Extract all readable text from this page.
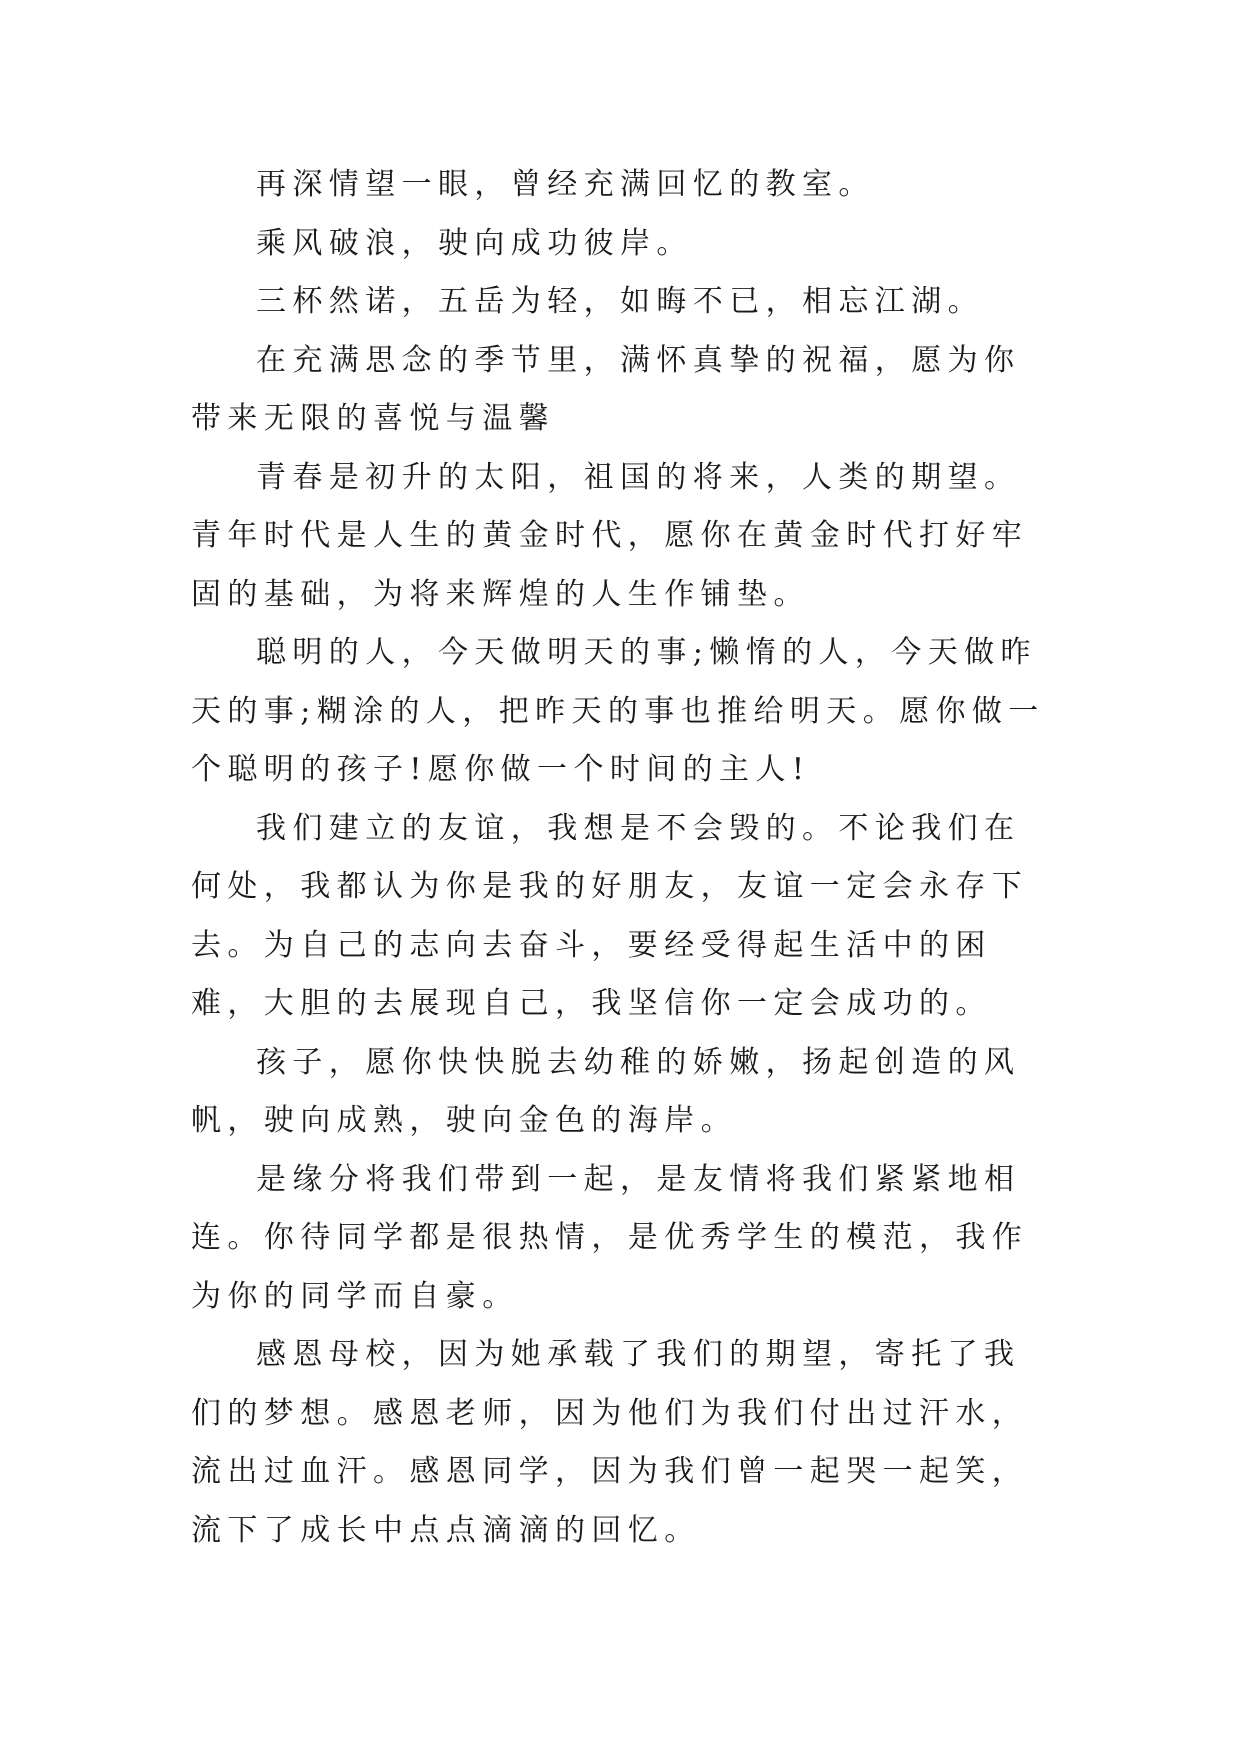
再深情望一眼，曾经充满回忆的教室。

乘风破浪，驶向成功彼岸。

三杯然诺，五岳为轻，如晦不已，相忘江湖。

在充满思念的季节里，满怀真挚的祝福，愿为你带来无限的喜悦与温馨

青春是初升的太阳，祖国的将来，人类的期望。青年时代是人生的黄金时代，愿你在黄金时代打好牢固的基础，为将来辉煌的人生作铺垫。

聪明的人，今天做明天的事;懒惰的人，今天做昨天的事;糊涂的人，把昨天的事也推给明天。愿你做一个聪明的孩子!愿你做一个时间的主人!

我们建立的友谊，我想是不会毁的。不论我们在何处，我都认为你是我的好朋友，友谊一定会永存下去。为自己的志向去奋斗，要经受得起生活中的困难，大胆的去展现自己，我坚信你一定会成功的。

孩子，愿你快快脱去幼稚的娇嫩，扬起创造的风帆，驶向成熟，驶向金色的海岸。

是缘分将我们带到一起，是友情将我们紧紧地相连。你待同学都是很热情，是优秀学生的模范，我作为你的同学而自豪。

感恩母校，因为她承载了我们的期望，寄托了我们的梦想。感恩老师，因为他们为我们付出过汗水，流出过血汗。感恩同学，因为我们曾一起哭一起笑，流下了成长中点点滴滴的回忆。
